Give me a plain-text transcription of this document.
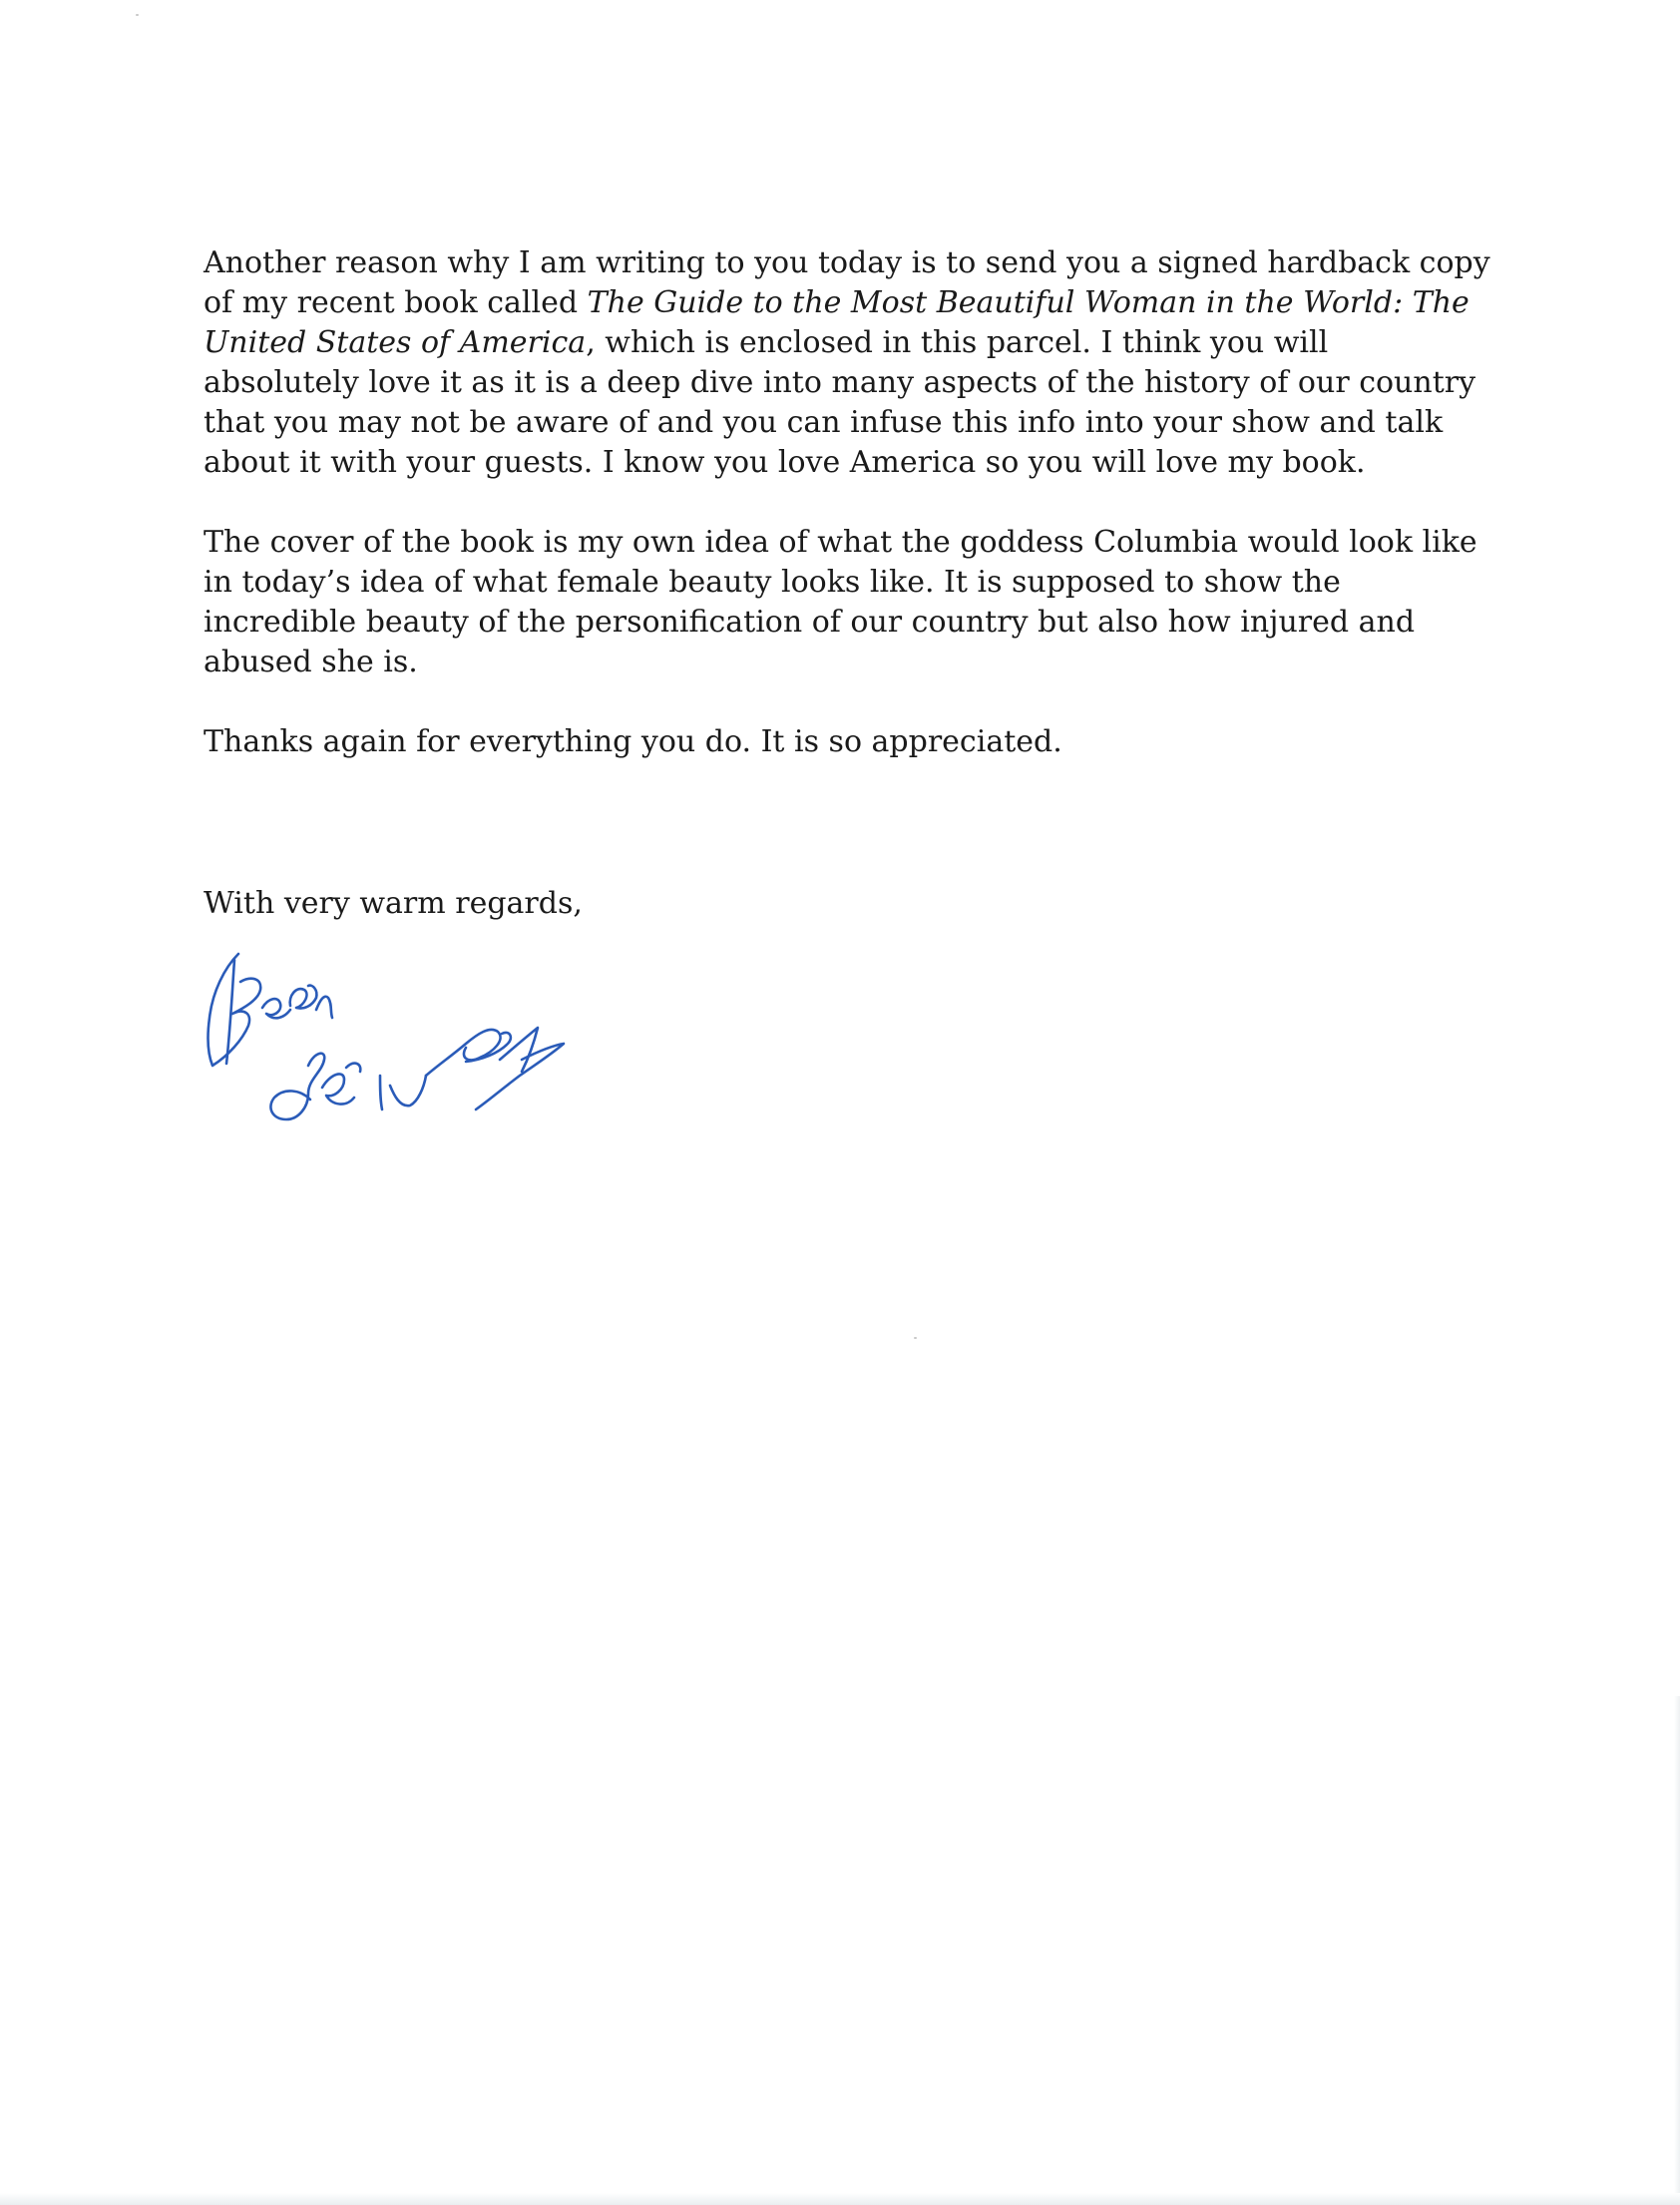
Another reason why I am writing to you today is to send you a signed hardback copy
of my recent book called The Guide to the Most Beautiful Woman in the World: The
United States of America, which is enclosed in this parcel. I think you will
absolutely love it as it is a deep dive into many aspects of the history of our country
that you may not be aware of and you can infuse this info into your show and talk
about it with your guests. I know you love America so you will love my book.

The cover of the book is my own idea of what the goddess Columbia would look like
in today’s idea of what female beauty looks like. It is supposed to show the
incredible beauty of the personification of our country but also how injured and
abused she is.

Thanks again for everything you do. It is so appreciated.

With very warm regards,
